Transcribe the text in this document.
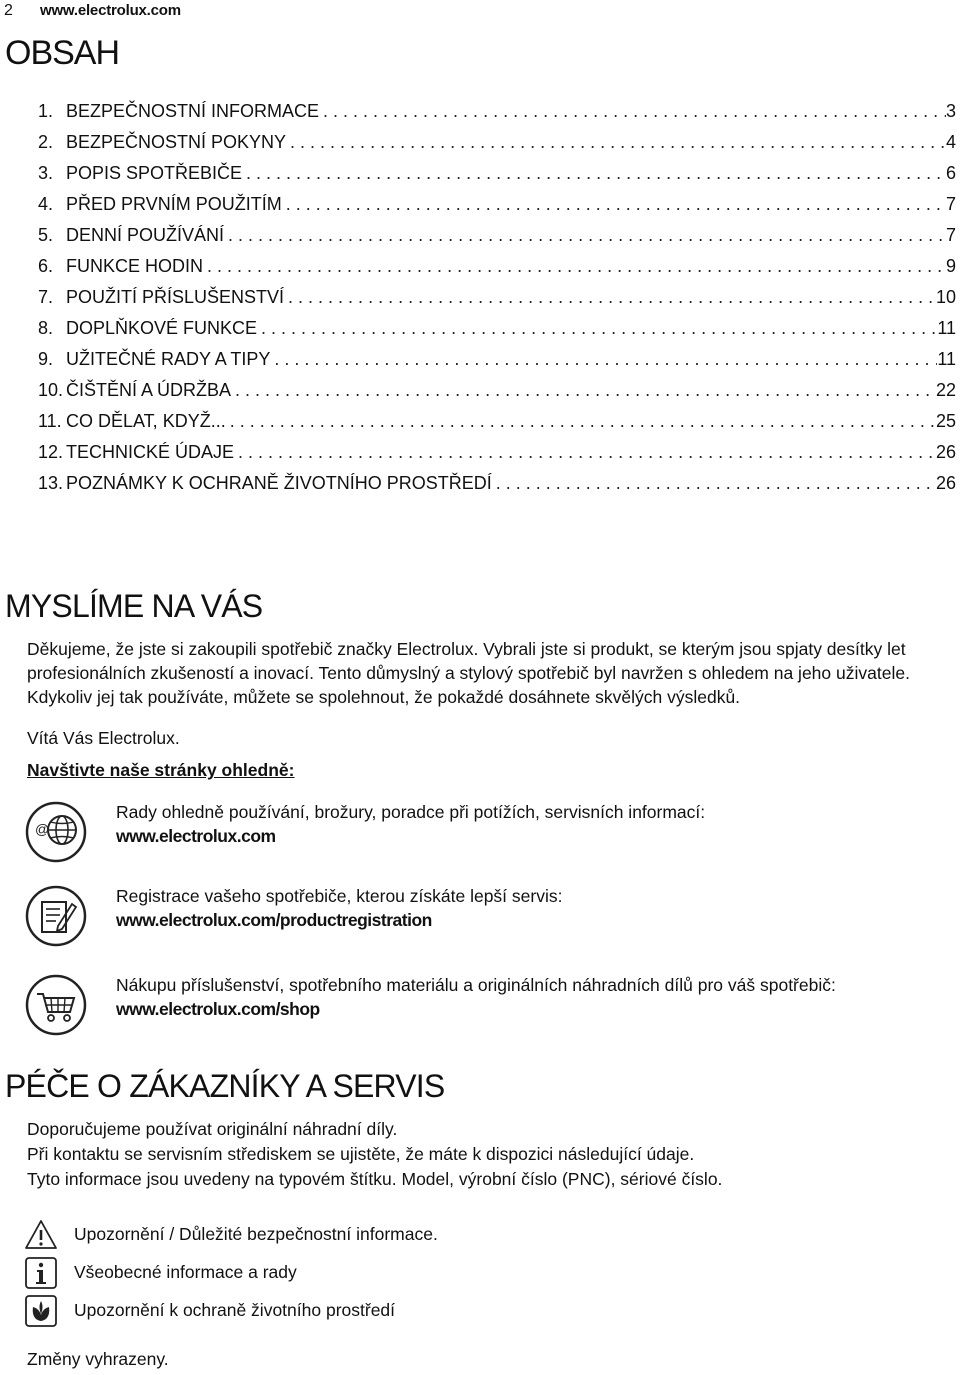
2 www.electrolux.com
OBSAH
1. BEZPEČNOSTNÍ INFORMACE . . .	3
2. BEZPEČNOSTNÍ POKYNY . . .	4
3. POPIS SPOTŘEBIČE . . .	6
4. PŘED PRVNÍM POUŽITÍM . . .	7
5. DENNÍ POUŽÍVÁNÍ . . .	7
6. FUNKCE HODIN . . .	9
7. POUŽITÍ PŘÍSLUŠENSTVÍ . . .	10
8. DOPLŇKOVÉ FUNKCE . . .	11
9. UŽITEČNÉ RADY A TIPY . . .	11
10. ČIŠTĚNÍ A ÚDRŽBA . . .	22
11. CO DĚLAT, KDYŽ... . . .	25
12. TECHNICKÉ ÚDAJE . . .	26
13. POZNÁMKY K OCHRANĚ ŽIVOTNÍHO PROSTŘEDÍ . . .	26
MYSLÍME NA VÁS
Děkujeme, že jste si zakoupili spotřebič značky Electrolux. Vybrali jste si produkt, se kterým jsou spjaty desítky let profesionálních zkušeností a inovací. Tento důmyslný a stylový spotřebič byl navržen s ohledem na jeho uživatele. Kdykoliv jej tak používáte, můžete se spolehnout, že pokaždé dosáhnete skvělých výsledků.
Vítá Vás Electrolux.
Navštivte naše stránky ohledně:
@
Rady ohledně používání, brožury, poradce při potížích, servisních informací:
www.electrolux.com
Registrace vašeho spotřebiče, kterou získáte lepší servis:
www.electrolux.com/productregistration
Nákupu příslušenství, spotřebního materiálu a originálních náhradních dílů pro váš spotřebič:
www.electrolux.com/shop
PÉČE O ZÁKAZNÍKY A SERVIS
Doporučujeme používat originální náhradní díly.
Při kontaktu se servisním střediskem se ujistěte, že máte k dispozici následující údaje.
Tyto informace jsou uvedeny na typovém štítku. Model, výrobní číslo (PNC), sériové číslo.
Upozornění / Důležité bezpečnostní informace.
Všeobecné informace a rady
Upozornění k ochraně životního prostředí
Změny vyhrazeny.
